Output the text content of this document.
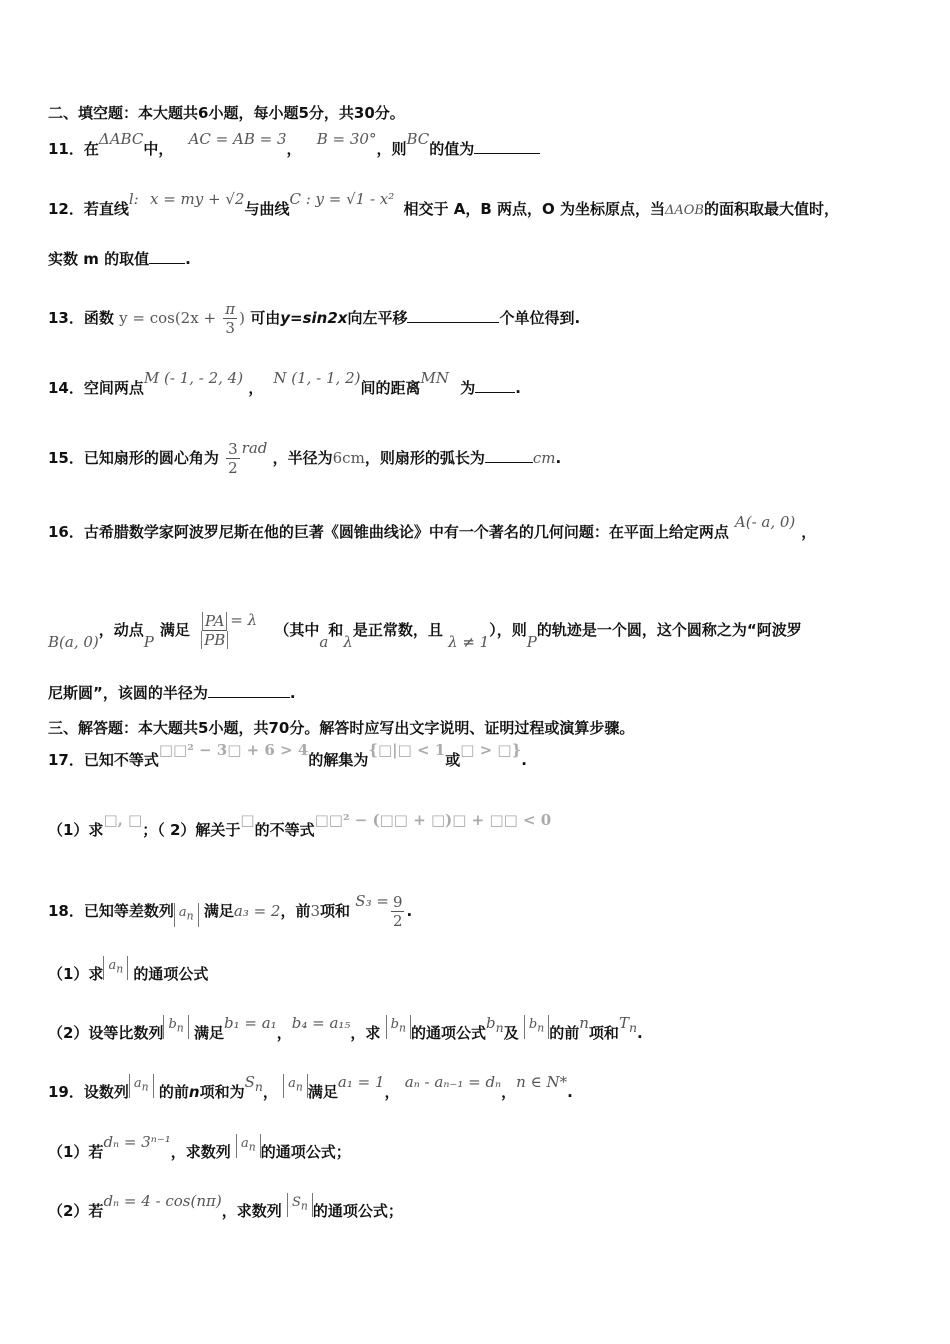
二、填空题：本大题共6小题，每小题5分，共30分。
11．在ΔABC中， AC = AB = 3， B = 30°，则BC的值为
12．若直线l: x = my + √2与曲线C : y = √1 - x² 相交于 A，B 两点，O 为坐标原点，当ΔAOB的面积取最大值时，
实数 m 的取值 .
13．函数 $y = \cos(2x + \frac{\pi}{3}$ ) 可由y=sin2x向左平移	个单位得到.
14．空间两点M (- 1, - 2, 4) ，N (1, - 1, 2)间的距离MN 为	.
15．已知扇形的圆心角为 $\frac{3}{2}$ rad ，半径为6cm，则扇形的弧长为	cm.
16．古希腊数学家阿波罗尼斯在他的巨著《圆锥曲线论》中有一个著名的几何问题：在平面上给定两点A(- a, 0)，
B(a, 0)，动点P满足 $\frac{PA}{PB} = \lambda$ （其中a和λ是正常数，且 λ ≠ 1），则P的轨迹是一个圆，这个圆称之为“阿波罗
尼斯圆”，该圆的半径为	.
三、解答题：本大题共5小题，共70分。解答时应写出文字说明、证明过程或演算步骤。
17．已知不等式□□² − 3□ + 6 > 4的解集为{□|□ < 1或□ > □}.
（1）求□, □；（ 2）解关于□的不等式□□² − (□□ + □)□ + □□ < 0
18．已知等差数列 $a_n$ 满足a₃ = 2，前3项和 $S_3 = \frac{9}{2}$ .
（1）求 $a_n$ 的通项公式
（2）设等比数列 $b_n$ 满足b₁ = a₁，b₄ = a₁₅，求 $b_n$ 的通项公式$b_n$及 $b_n$ 的前n项和$T_n$.
19．设数列 $a_n$ 的前n项和为$S_n$， $a_n$ 满足a₁ = 1， aₙ - aₙ₋₁ = dₙ，n ∈ N*.
（1）若dₙ = 3ⁿ⁻¹，求数列 $a_n$ 的通项公式；
（2）若dₙ = 4 - cos(nπ)，求数列 $S_n$ 的通项公式；
